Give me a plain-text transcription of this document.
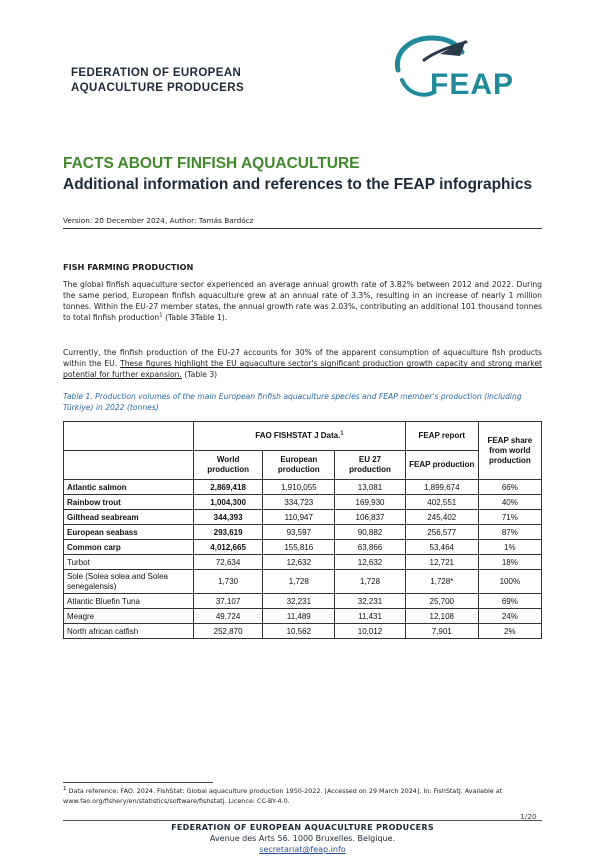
FEDERATION OF EUROPEAN
AQUACULTURE PRODUCERS	FEAP
FACTS ABOUT FINFISH AQUACULTURE
Additional information and references to the FEAP infographics
Version: 20 December 2024, Author: Tamás Bardócz
FISH FARMING PRODUCTION
The global finfish aquaculture sector experienced an average annual growth rate of 3.82% between 2012 and 2022. During the same period, European finfish aquaculture grew at an annual rate of 3.3%, resulting in an increase of nearly 1 million tonnes. Within the EU-27 member states, the annual growth rate was 2.03%, contributing an additional 101 thousand tonnes to total finfish production$^1$ (Table 3Table 1).
Currently, the finfish production of the EU-27 accounts for 30% of the apparent consumption of aquaculture fish products within the EU. These figures highlight the EU aquaculture sector's significant production growth capacity and strong market potential for further expansion. (Table 3)
Table 1. Production volumes of the main European finfish aquaculture species and FEAP member's production (including Türkiye) in 2022 (tonnes)
	FAO FISHSTAT J Data.$^1$			FEAP report	FEAP share from world production
	World production	European production	EU 27 production	FEAP production	
Atlantic salmon	2,869,418	1,910,055	13,081	1,899,674	66%
Rainbow trout	1,004,300	334,723	169,930	402,551	40%
Gilthead seabream	344,393	110,947	106,837	245,402	71%
European seabass	293,619	93,597	90,882	256,577	87%
Common carp	4,012,665	155,816	63,866	53,464	1%
Turbot	72,634	12,632	12,632	12,721	18%
Sole (Solea solea and Solea senegalensis)	1,730	1,728	1,728	1,728*	100%
Atlantic Bluefin Tuna	37,107	32,231	32,231	25,700	69%
Meagre	49,724	11,489	11,431	12,108	24%
North african catfish	252,870	10,562	10,012	7,901	2%
1 Data reference: FAO. 2024. FishStat: Global aquaculture production 1950-2022. [Accessed on 29 March 2024]. In: FishStatJ. Available at www.fao.org/fishery/en/statistics/software/fishstatj. Licence: CC-BY-4.0.
1/20
FEDERATION OF EUROPEAN AQUACULTURE PRODUCERS
Avenue des Arts 56. 1000 Bruxelles. Belgique.
secretariat@feap.info
